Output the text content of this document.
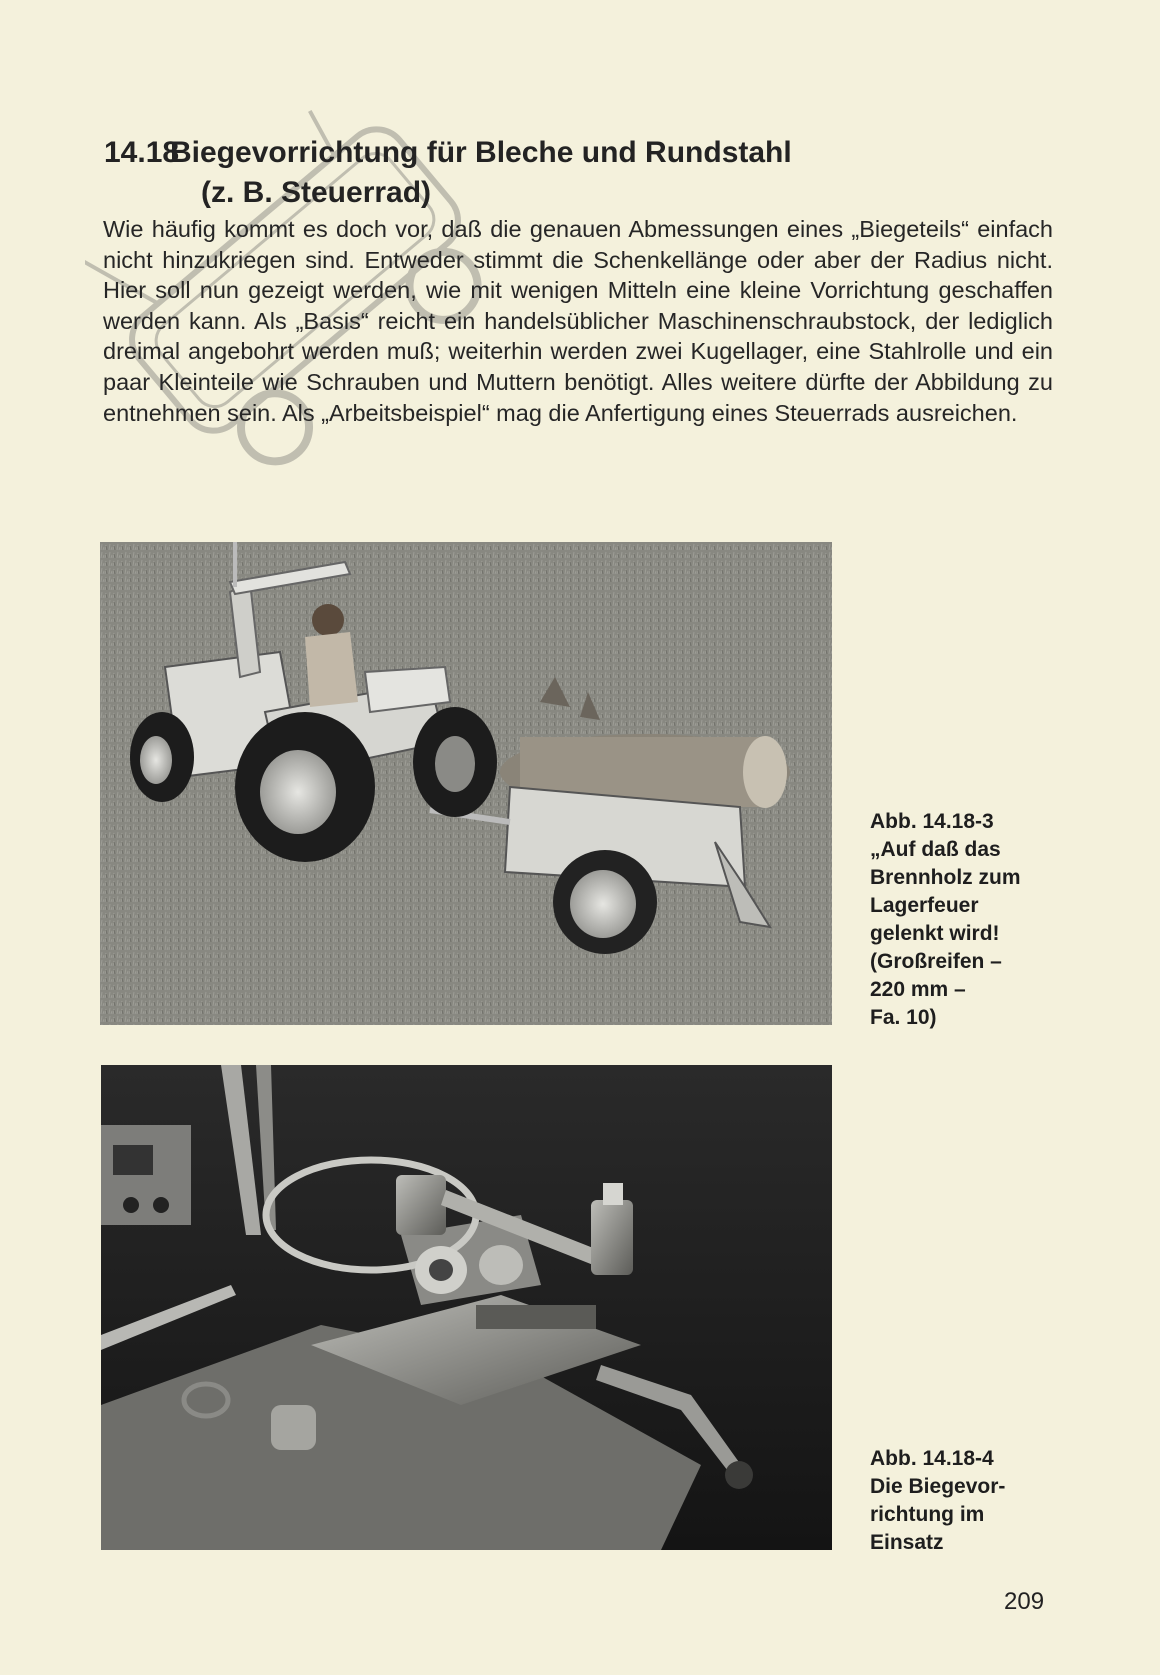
14.18Biegevorrichtung für Bleche und Rundstahl
(z. B. Steuerrad)

Wie häufig kommt es doch vor, daß die genauen Abmessungen eines „Biegeteils“ einfach nicht hinzukriegen sind. Entweder stimmt die Schenkellänge oder aber der Radius nicht. Hier soll nun gezeigt werden, wie mit wenigen Mitteln eine kleine Vorrichtung geschaffen werden kann. Als „Basis“ reicht ein handelsüblicher Maschinenschraubstock, der lediglich dreimal angebohrt werden muß; weiterhin werden zwei Kugellager, eine Stahlrolle und ein paar Kleinteile wie Schrauben und Muttern benötigt. Alles weitere dürfte der Abbildung zu entnehmen sein. Als „Arbeitsbeispiel“ mag die Anfertigung eines Steuerrads ausreichen.

Abb. 14.18-3
„Auf daß das
Brennholz zum
Lagerfeuer
gelenkt wird!
(Großreifen –
220 mm –
Fa. 10)
Abb. 14.18-4
Die Biegevor-
richtung im
Einsatz
209
